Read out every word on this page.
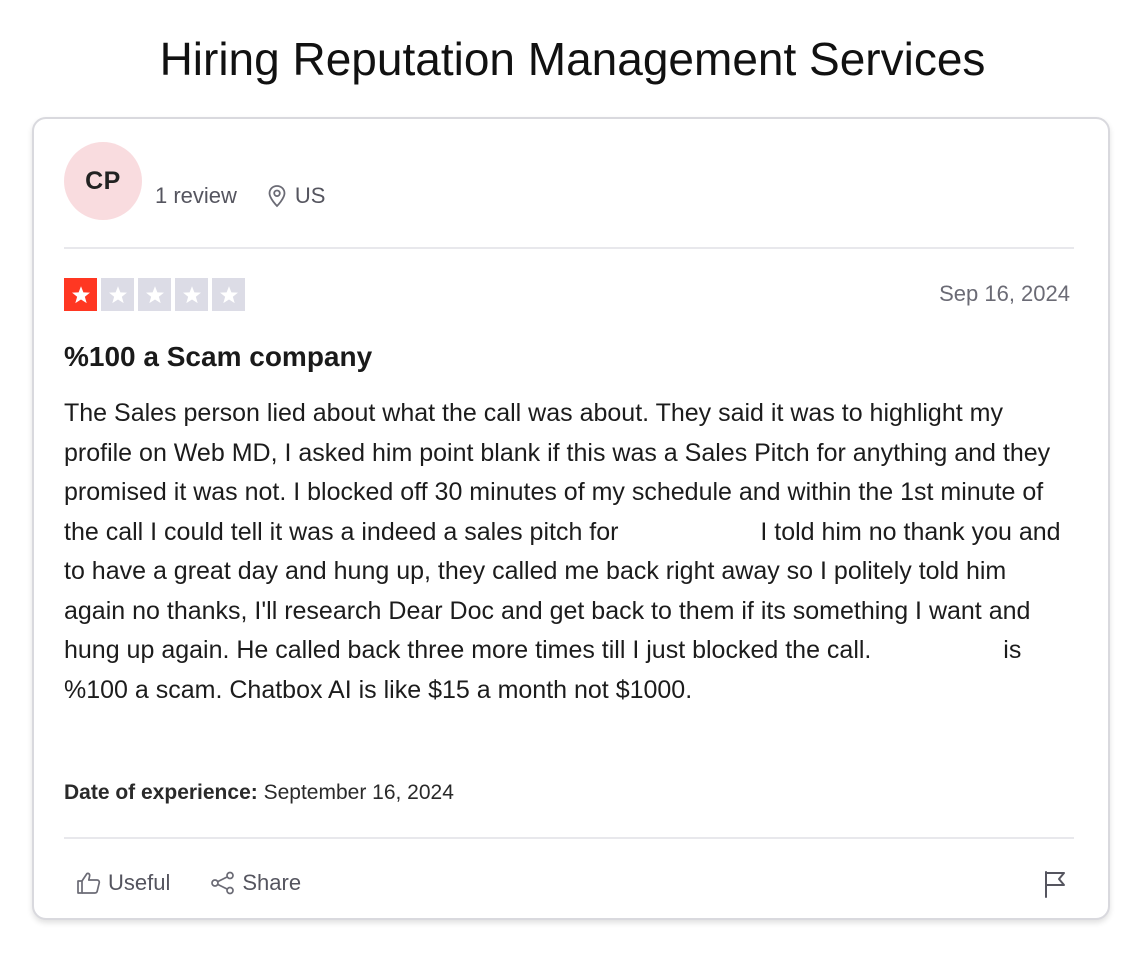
Hiring Reputation Management Services
CP
1 review	US
Sep 16, 2024
%100 a Scam company

The Sales person lied about what the call was about. They said it was to highlight my profile on Web MD, I asked him point blank if this was a Sales Pitch for anything and they promised it was not. I blocked off 30 minutes of my schedule and within the 1st minute of the call I could tell it was a indeed a sales pitch for	I told him no thank you and to have a great day and hung up, they called me back right away so I politely told him again no thanks, I'll research Dear Doc and get back to them if its something I want and hung up again. He called back three more times till I just blocked the call.	is %100 a scam. Chatbox AI is like $15 a month not $1000.

Date of experience: September 16, 2024
Useful	Share
